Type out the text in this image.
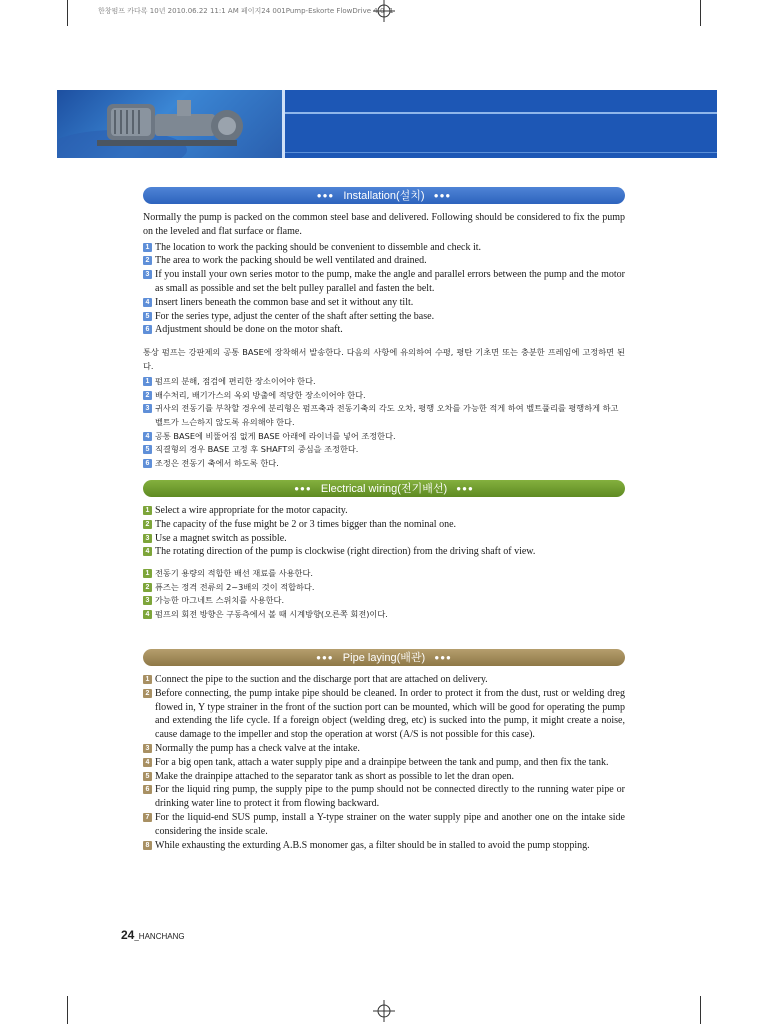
한창펌프 카다록 10년 2010.06.22 11:1 AM 페이지24 001Pump-Eskorte FlowDrive 4.0 -1
●●● Installation(설치) ●●●

Normally the pump is packed on the common steel base and delivered. Following should be considered to fix the pump on the leveled and flat surface or flame.

1 The location to work the packing should be convenient to dissemble and check it.
2 The area to work the packing should be well ventilated and drained.
3 If you install your own series motor to the pump, make the angle and parallel errors between the pump and the motor as small as possible and set the belt pulley parallel and fasten the belt.
4 Insert liners beneath the common base and set it without any tilt.
5 For the series type, adjust the center of the shaft after setting the base.
6 Adjustment should be done on the motor shaft.

통상 펌프는 강판제의 공통 BASE에 장착해서 발송한다. 다음의 사항에 유의하여 수평, 평탄 기초면 또는 충분한 프레임에 고정하면 된다.

1 펌프의 분해, 점검에 편리한 장소이어야 한다.
2 배수처리, 배기가스의 옥외 방출에 적당한 장소이어야 한다.
3 귀사의 전동기를 부착할 경우에 분리형은 펌프축과 전동기축의 각도 오차, 평행 오차를 가능한 적게 하여 벨트풀리를 평행하게 하고 벨트가 느슨하지 않도록 유의해야 한다.
4 공통 BASE에 비뚤어짐 없게 BASE 아래에 라이너를 넣어 조정한다.
5 직결형의 경우 BASE 고정 후 SHAFT의 중심을 조정한다.
6 조정은 전동기 축에서 하도록 한다.
●●● Electrical wiring(전기배선) ●●●
1 Select a wire appropriate for the motor capacity.
2 The capacity of the fuse might be 2 or 3 times bigger than the nominal one.
3 Use a magnet switch as possible.
4 The rotating direction of the pump is clockwise (right direction) from the driving shaft of view.
1 전동기 용량의 적합한 배선 재료를 사용한다.
2 퓨즈는 정격 전류의 2~3배의 것이 적합하다.
3 가능한 마그네트 스위치를 사용한다.
4 펌프의 회전 방향은 구동측에서 볼 때 시계방향(오른쪽 회전)이다.
●●● Pipe laying(배관) ●●●
1 Connect the pipe to the suction and the discharge port that are attached on delivery.
2 Before connecting, the pump intake pipe should be cleaned. In order to protect it from the dust, rust or welding dreg flowed in, Y type strainer in the front of the suction port can be mounted, which will be good for operating the pump and extending the life cycle. If a foreign object (welding dreg, etc) is sucked into the pump, it might create a noise, cause damage to the impeller and stop the operation at worst (A/S is not possible for this case).
3 Normally the pump has a check valve at the intake.
4 For a big open tank, attach a water supply pipe and a drainpipe between the tank and pump, and then fix the tank.
5 Make the drainpipe attached to the separator tank as short as possible to let the dran open.
6 For the liquid ring pump, the supply pipe to the pump should not be connected directly to the running water pipe or drinking water line to protect it from flowing backward.
7 For the liquid-end SUS pump, install a Y-type strainer on the water supply pipe and another one on the intake side considering the inside scale.
8 While exhausting the exturding A.B.S monomer gas, a filter should be in stalled to avoid the pump stopping.
24_HANCHANG
